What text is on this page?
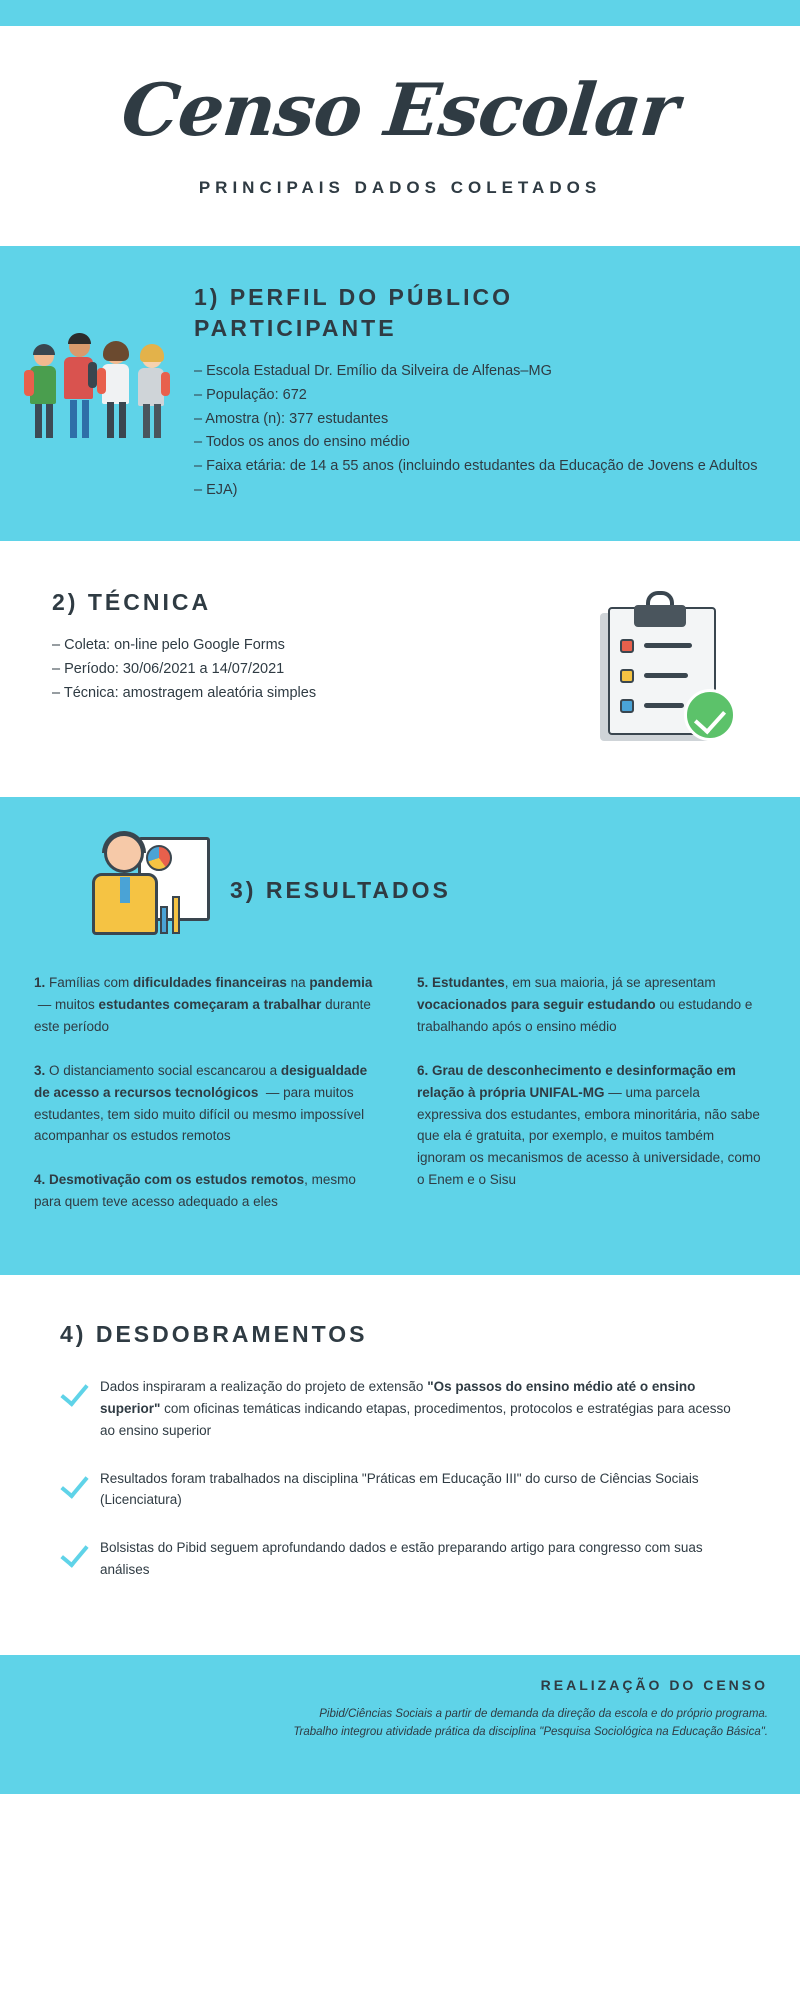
Censo Escolar
PRINCIPAIS DADOS COLETADOS
1) PERFIL DO PÚBLICO PARTICIPANTE
– Escola Estadual Dr. Emílio da Silveira de Alfenas–MG
– População: 672
– Amostra (n): 377 estudantes
– Todos os anos do ensino médio
– Faixa etária: de 14 a 55 anos (incluindo estudantes da Educação de Jovens e Adultos – EJA)
2) TÉCNICA
– Coleta: on-line pelo Google Forms
– Período: 30/06/2021 a 14/07/2021
– Técnica: amostragem aleatória simples
3) RESULTADOS

1. Famílias com dificuldades financeiras na pandemia  — muitos estudantes começaram a trabalhar durante este período

3. O distanciamento social escancarou a desigualdade de acesso a recursos tecnológicos  — para muitos estudantes, tem sido muito difícil ou mesmo impossível acompanhar os estudos remotos

4. Desmotivação com os estudos remotos, mesmo para quem teve acesso adequado a eles

5. Estudantes, em sua maioria, já se apresentam vocacionados para seguir estudando ou estudando e trabalhando após o ensino médio

6. Grau de desconhecimento e desinformação em relação à própria UNIFAL-MG — uma parcela expressiva dos estudantes, embora minoritária, não sabe que ela é gratuita, por exemplo, e muitos também ignoram os mecanismos de acesso à universidade, como o Enem e o Sisu

4) DESDOBRAMENTOS

Dados inspiraram a realização do projeto de extensão "Os passos do ensino médio até o ensino superior" com oficinas temáticas indicando etapas, procedimentos, protocolos e estratégias para acesso ao ensino superior

Resultados foram trabalhados na disciplina "Práticas em Educação III" do curso de Ciências Sociais (Licenciatura)

Bolsistas do Pibid seguem aprofundando dados e estão preparando artigo para congresso com suas análises

REALIZAÇÃO DO CENSO
Pibid/Ciências Sociais a partir de demanda da direção da escola e do próprio programa.
Trabalho integrou atividade prática da disciplina "Pesquisa Sociológica na Educação Básica".
